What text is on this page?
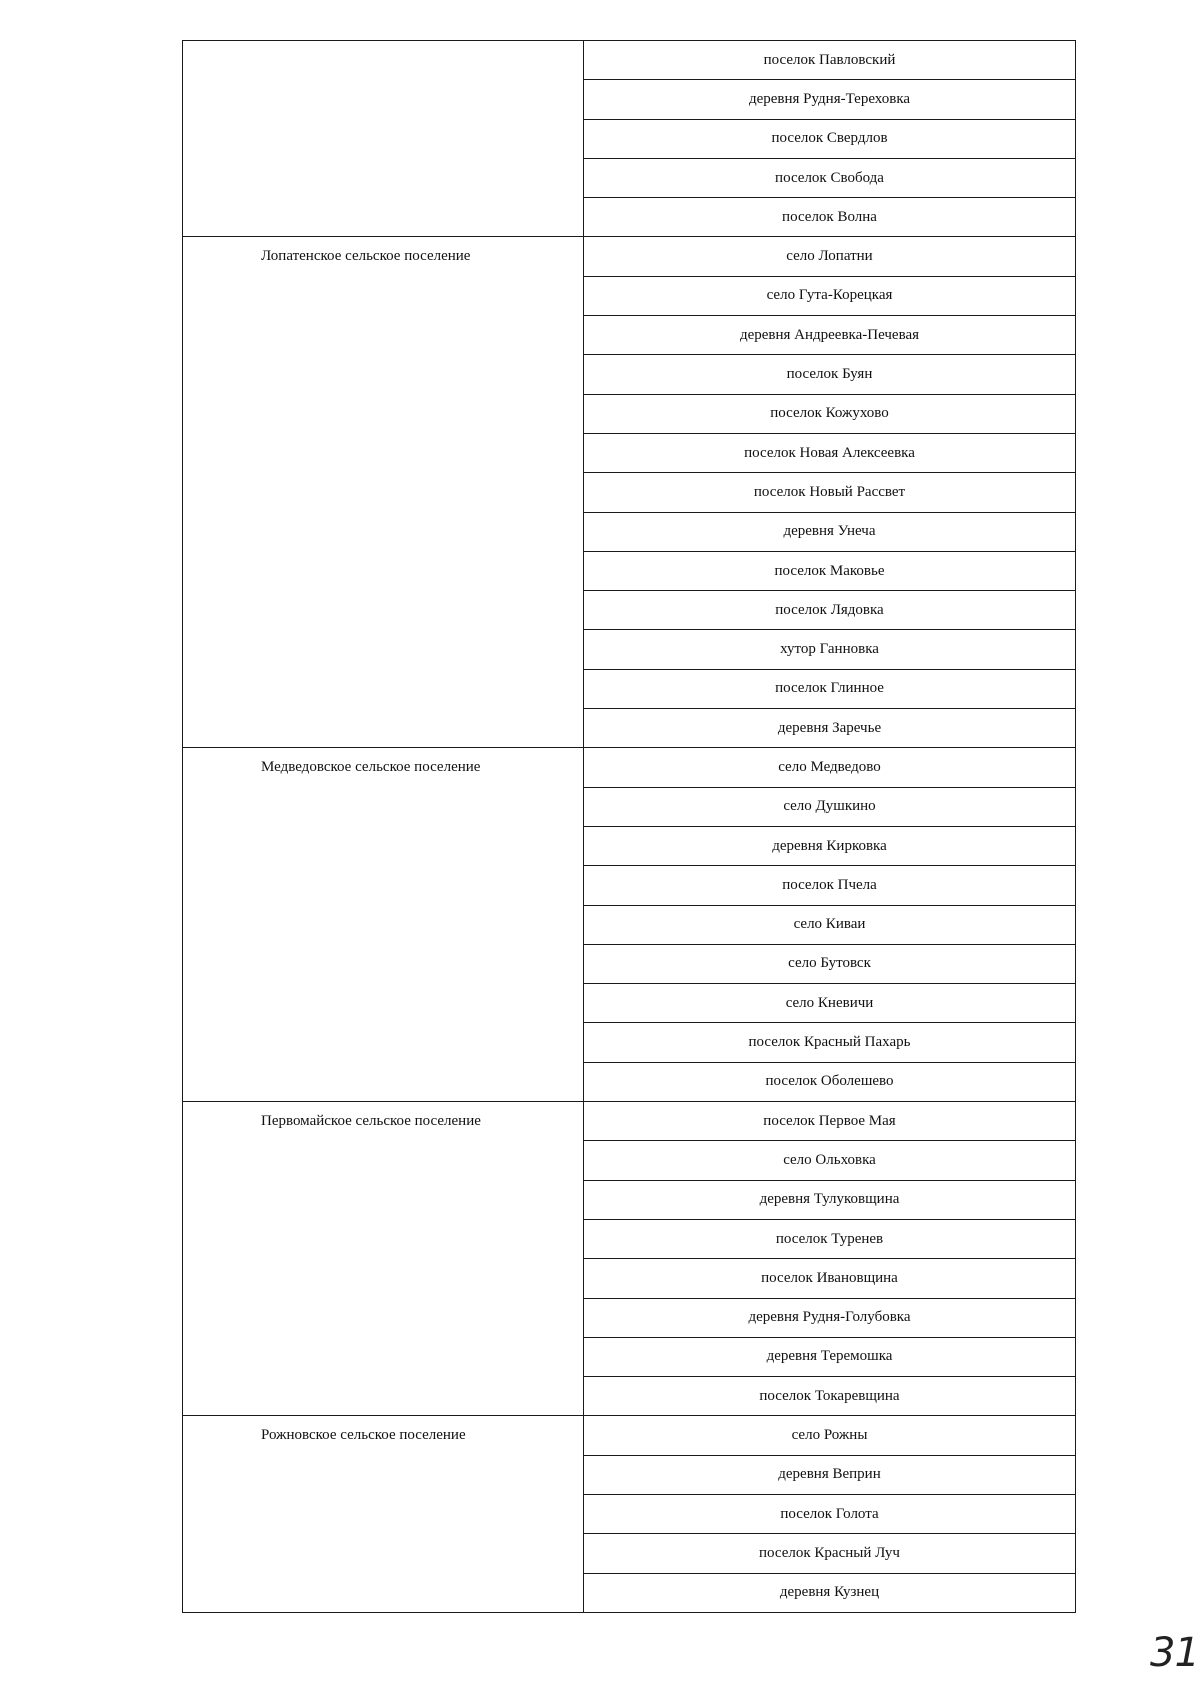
	поселок Павловский
	деревня Рудня-Тереховка
	поселок Свердлов
	поселок Свобода
	поселок Волна

Лопатенское сельское поселение	село Лопатни
	село Гута-Корецкая
	деревня Андреевка-Печевая
	поселок Буян
	поселок Кожухово
	поселок Новая Алексеевка
	поселок Новый Рассвет
	деревня Унеча
	поселок Маковье
	поселок Лядовка
	хутор Ганновка
	поселок Глинное
	деревня Заречье

Медведовское сельское поселение	село Медведово
	село Душкино
	деревня Кирковка
	поселок Пчела
	село Киваи
	село Бутовск
	село Кневичи
	поселок Красный Пахарь
	поселок Оболешево

Первомайское сельское поселение	поселок Первое Мая
	село Ольховка
	деревня Тулуковщина
	поселок Туренев
	поселок Ивановщина
	деревня Рудня-Голубовка
	деревня Теремошка
	поселок Токаревщина

Рожновское сельское поселение	село Рожны
	деревня Веприн
	поселок Голота
	поселок Красный Луч
	деревня Кузнец
31
